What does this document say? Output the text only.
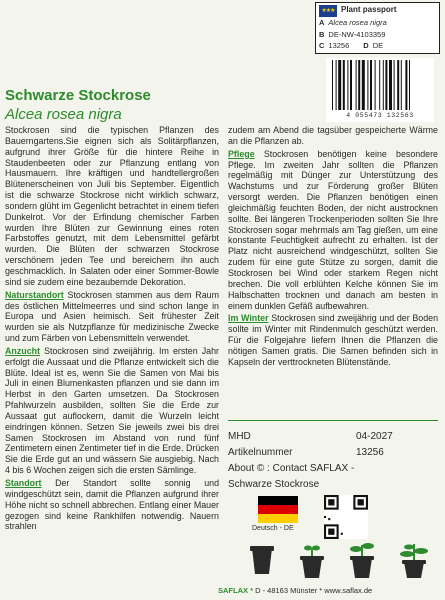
★★★ Plant passport
A Alcea rosea nigra
B DE-NW-4103359
C 13256 D DE
4 055473 132563
Schwarze Stockrose
Alcea rosea nigra

Stockrosen sind die typischen Pflanzen des Bauerngartens.Sie eignen sich als Solitärpflanzen, aufgrund ihrer Größe für die hintere Reihe in Staudenbeeten oder zur Pflanzung entlang von Hausmauern. Ihre kräftigen und handtellergroßen Blütenerscheinen von Juli bis September. Eigentlich ist die schwarze Stockrose nicht wirklich schwarz, sondern glüht im Gegenlicht betrachtet in einem tiefen Dunkelrot. Vor der Erfindung chemischer Farben wurden Ihre Blüten zur Gewinnung eines roten Farbstoffes genutzt, mit dem Lebensmittel gefärbt wurden. Die Blüten der schwarzen Stockrose verschönern jeden Tee und bereichern ihn auch geschmacklich. In Salaten oder einer Sommer-Bowle sind sie zudem eine bezaubernde Dekoration.

Naturstandort Stockrosen stammen aus dem Raum des östlichen Mittelmeerres und sind schon lange in Europa und Asien heimisch. Seit frühester Zeit wurden sie als Nutzpflanze für medizinische Zwecke und zum Färben von Lebensmitteln verwendet.

Anzucht Stockrosen sind zweijährig. Im ersten Jahr erfolgt die Aussaat und die Pflanze entwickelt sich die Blüte. Ideal ist es, wenn Sie die Samen von Mai bis Juli in einen Blumenkasten pflanzen und sie dann im Herbst in den Garten umsetzen. Da Stockrosen Pfahlwurzeln ausbilden, sollten Sie die Erde zur Aussaat gut auflockern, damit die Wurzeln leicht eindringen können. Setzen Sie jeweils zwei bis drei Samen Stockrosen im Abstand von rund fünf Zentimetern einen Zentimeter tief in die Erde. Drücken Sie die Erde gut an und wässern Sie ausgiebig. Nach 4 bis 6 Wochen zeigen sich die ersten Sämlinge.

Standort Der Standort sollte sonnig und windgeschützt sein, damit die Pflanzen aufgrund ihrer Höhe nicht so schnell abbrechen. Entlang einer Mauer gezogen sind keine Rankhilfen notwendig. Nauern strahlen

zudem am Abend die tagsüber gespeicherte Wärme an die Pflanzen ab.

Pflege Stockrosen benötigen keine besondere Pflege. Im zweiten Jahr sollten die Pflanzen regelmäßig mit Dünger zur Unterstützung des Wachstums und zur Förderung großer Blüten versorgt werden. Die Pflanzen benötigen einen gleichmäßig feuchten Boden, der nicht austrocknen sollte. Bei längeren Trockenperioden sollten Sie Ihre Stockrosen sogar mehrmals am Tag gießen, um eine konstante Feuchtigkeit aufrecht zu erhalten. Ist der Platz nicht ausreichend windgeschützt, sollten Sie zudem für eine gute Stütze zu sorgen, damit die Stockrosen bei Wind oder starkem Regen nicht brechen. Die voll erblühten Kelche können Sie im Halbschatten trocknen und danach am besten in einem dunklen Gefäß aufbewahren.

Im Winter Stockrosen sind zweijährig und der Boden sollte im Winter mit Rindenmulch geschützt werden. Für die Folgejahre liefern Ihnen die Pflanzen die nötigen Samen gratis. Die Samen befinden sich in Kapseln der verttrockneten Blütenstände.

MHD	04-2027
Artikelnummer	13256
About © : Contact SAFLAX -
Schwarze Stockrose
Deutsch - DE
SAFLAX * D - 48163 Münster * www.saflax.de
